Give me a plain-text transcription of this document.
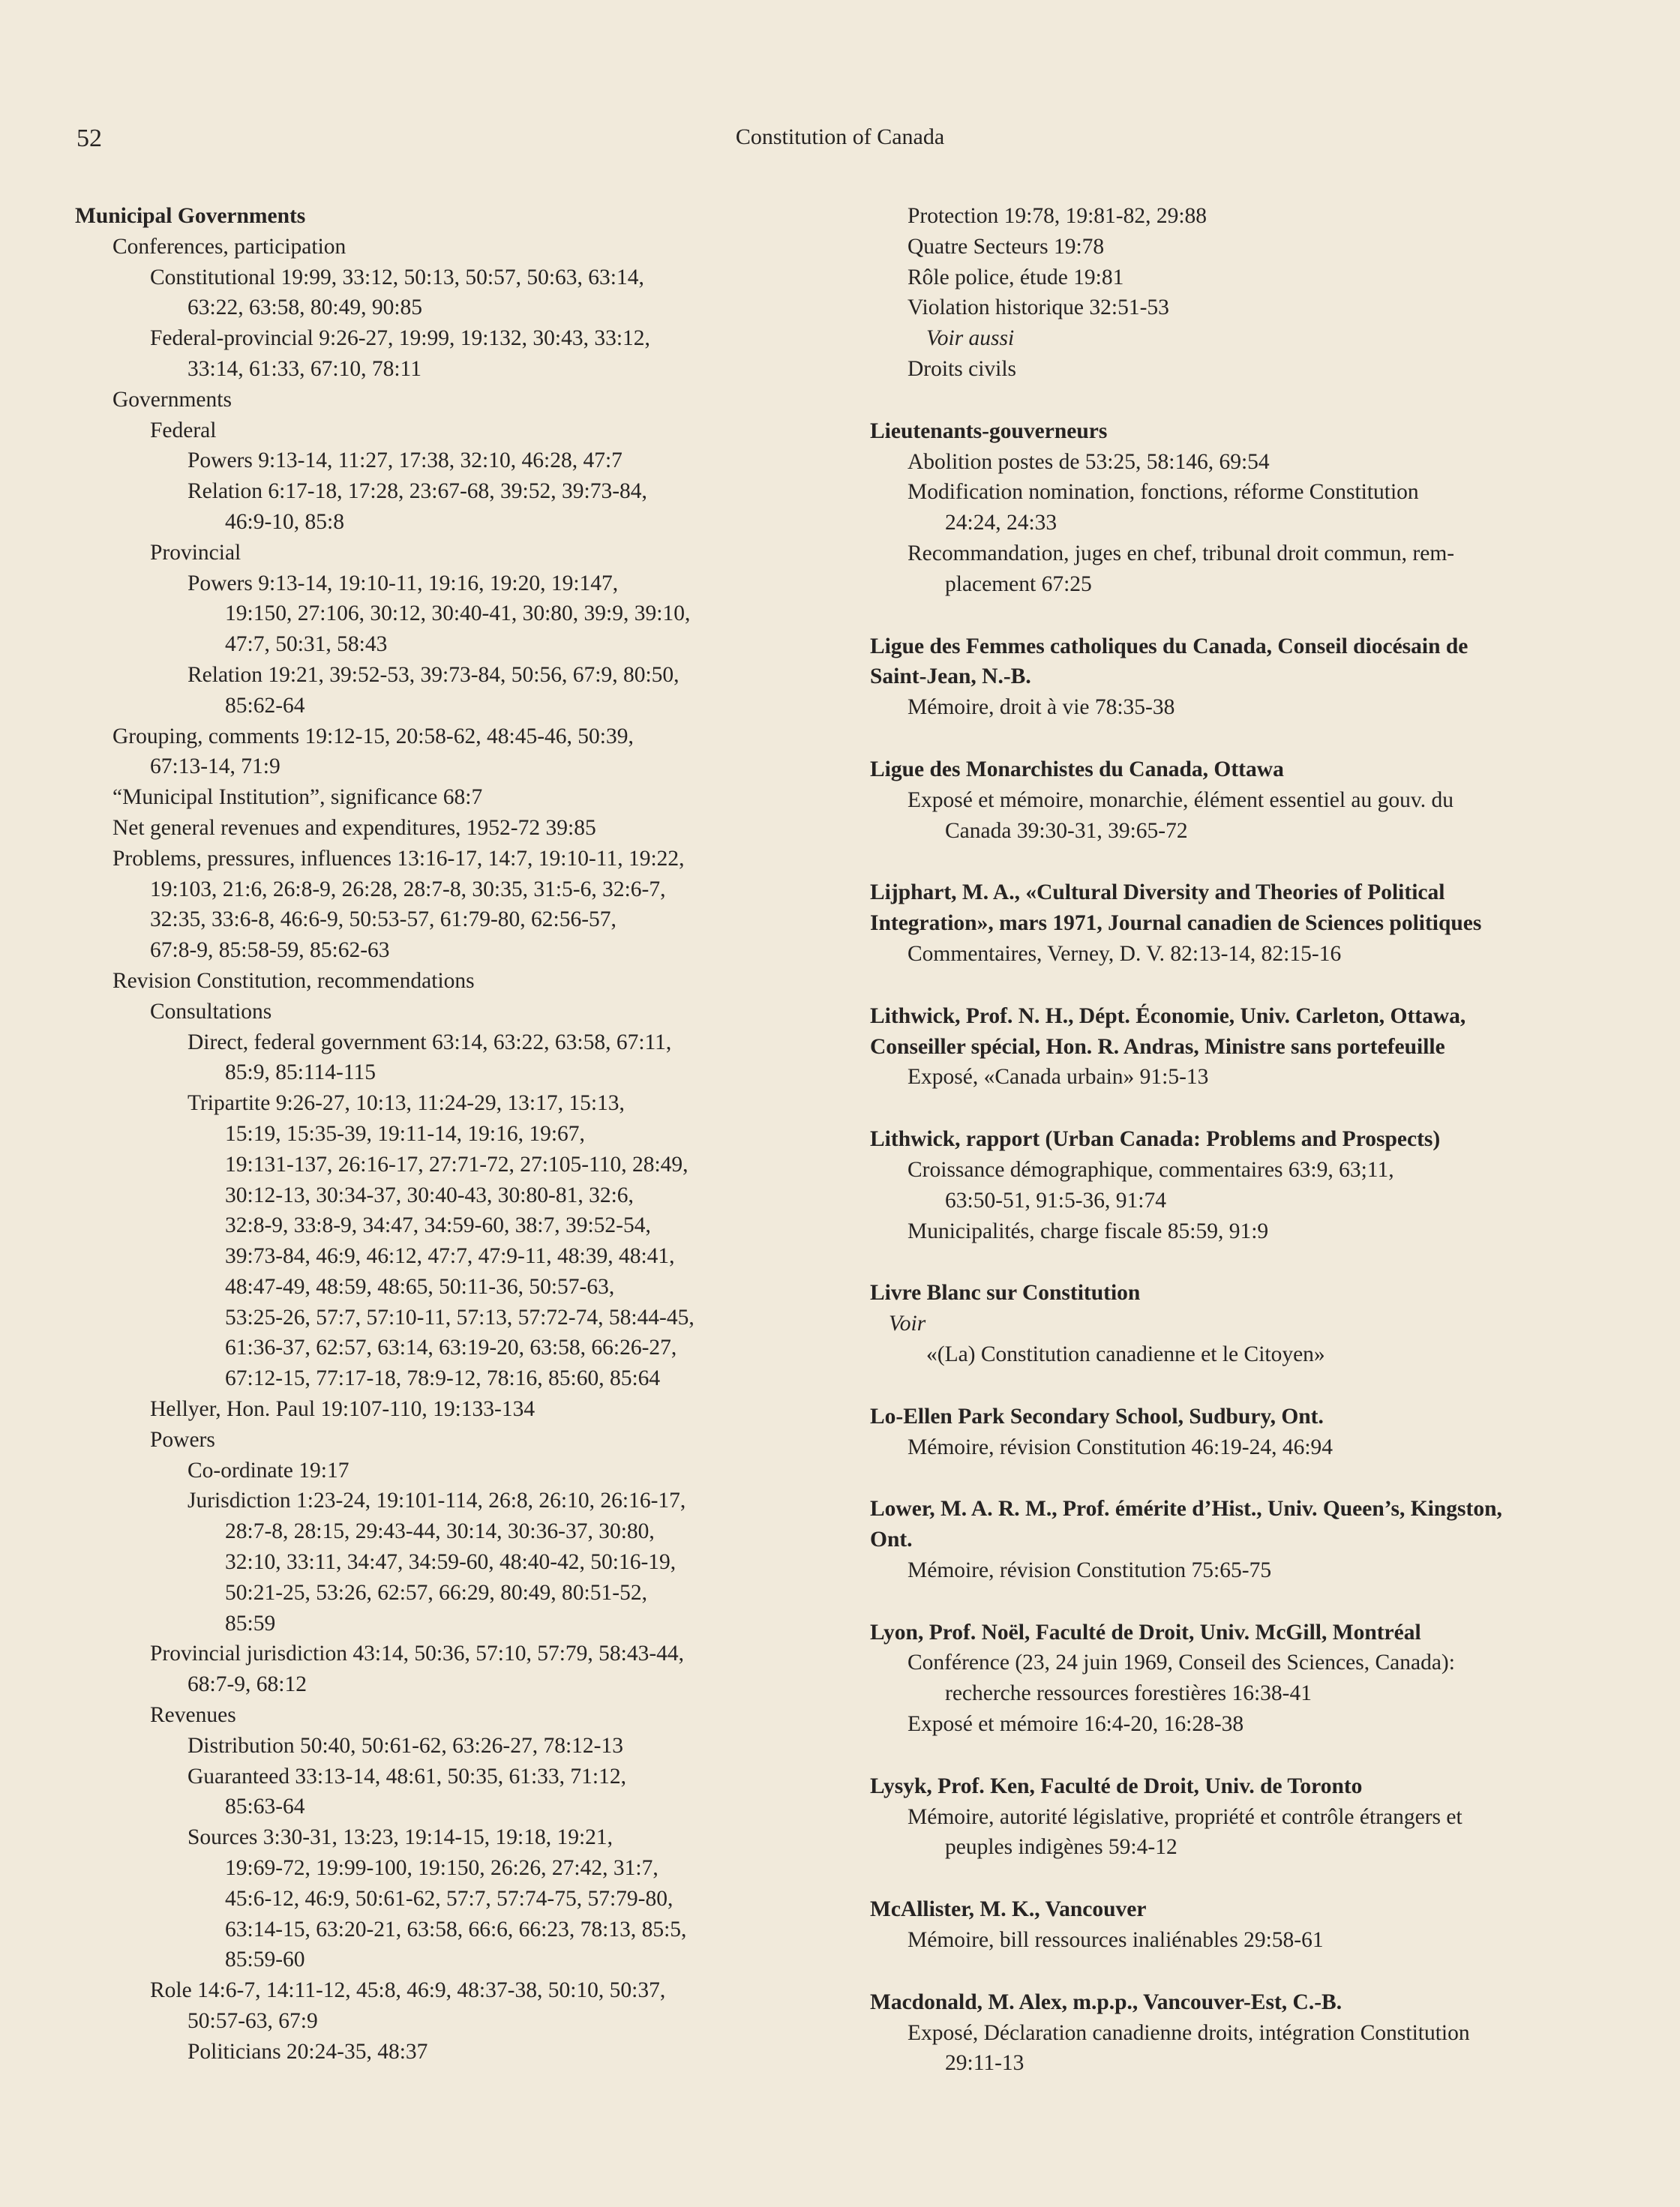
52	Constitution of Canada
Municipal Governments
Conferences, participation
Constitutional 19:99, 33:12, 50:13, 50:57, 50:63, 63:14,
63:22, 63:58, 80:49, 90:85
Federal-provincial 9:26-27, 19:99, 19:132, 30:43, 33:12,
33:14, 61:33, 67:10, 78:11
Governments
Federal
Powers 9:13-14, 11:27, 17:38, 32:10, 46:28, 47:7
Relation 6:17-18, 17:28, 23:67-68, 39:52, 39:73-84,
46:9-10, 85:8
Provincial
Powers 9:13-14, 19:10-11, 19:16, 19:20, 19:147,
19:150, 27:106, 30:12, 30:40-41, 30:80, 39:9, 39:10,
47:7, 50:31, 58:43
Relation 19:21, 39:52-53, 39:73-84, 50:56, 67:9, 80:50,
85:62-64
Grouping, comments 19:12-15, 20:58-62, 48:45-46, 50:39,
67:13-14, 71:9
“Municipal Institution”, significance 68:7
Net general revenues and expenditures, 1952-72 39:85
Problems, pressures, influences 13:16-17, 14:7, 19:10-11, 19:22,
19:103, 21:6, 26:8-9, 26:28, 28:7-8, 30:35, 31:5-6, 32:6-7,
32:35, 33:6-8, 46:6-9, 50:53-57, 61:79-80, 62:56-57,
67:8-9, 85:58-59, 85:62-63
Revision Constitution, recommendations
Consultations
Direct, federal government 63:14, 63:22, 63:58, 67:11,
85:9, 85:114-115
Tripartite 9:26-27, 10:13, 11:24-29, 13:17, 15:13,
15:19, 15:35-39, 19:11-14, 19:16, 19:67,
19:131-137, 26:16-17, 27:71-72, 27:105-110, 28:49,
30:12-13, 30:34-37, 30:40-43, 30:80-81, 32:6,
32:8-9, 33:8-9, 34:47, 34:59-60, 38:7, 39:52-54,
39:73-84, 46:9, 46:12, 47:7, 47:9-11, 48:39, 48:41,
48:47-49, 48:59, 48:65, 50:11-36, 50:57-63,
53:25-26, 57:7, 57:10-11, 57:13, 57:72-74, 58:44-45,
61:36-37, 62:57, 63:14, 63:19-20, 63:58, 66:26-27,
67:12-15, 77:17-18, 78:9-12, 78:16, 85:60, 85:64
Hellyer, Hon. Paul 19:107-110, 19:133-134
Powers
Co-ordinate 19:17
Jurisdiction 1:23-24, 19:101-114, 26:8, 26:10, 26:16-17,
28:7-8, 28:15, 29:43-44, 30:14, 30:36-37, 30:80,
32:10, 33:11, 34:47, 34:59-60, 48:40-42, 50:16-19,
50:21-25, 53:26, 62:57, 66:29, 80:49, 80:51-52,
85:59
Provincial jurisdiction 43:14, 50:36, 57:10, 57:79, 58:43-44,
68:7-9, 68:12
Revenues
Distribution 50:40, 50:61-62, 63:26-27, 78:12-13
Guaranteed 33:13-14, 48:61, 50:35, 61:33, 71:12,
85:63-64
Sources 3:30-31, 13:23, 19:14-15, 19:18, 19:21,
19:69-72, 19:99-100, 19:150, 26:26, 27:42, 31:7,
45:6-12, 46:9, 50:61-62, 57:7, 57:74-75, 57:79-80,
63:14-15, 63:20-21, 63:58, 66:6, 66:23, 78:13, 85:5,
85:59-60
Role 14:6-7, 14:11-12, 45:8, 46:9, 48:37-38, 50:10, 50:37,
50:57-63, 67:9
Politicians 20:24-35, 48:37
Protection 19:78, 19:81-82, 29:88
Quatre Secteurs 19:78
Rôle police, étude 19:81
Violation historique 32:51-53
Voir aussi
Droits civils
Lieutenants-gouverneurs
Abolition postes de 53:25, 58:146, 69:54
Modification nomination, fonctions, réforme Constitution
24:24, 24:33
Recommandation, juges en chef, tribunal droit commun, rem-
placement 67:25
Ligue des Femmes catholiques du Canada, Conseil diocésain de
Saint-Jean, N.-B.
Mémoire, droit à vie 78:35-38
Ligue des Monarchistes du Canada, Ottawa
Exposé et mémoire, monarchie, élément essentiel au gouv. du
Canada 39:30-31, 39:65-72
Lijphart, M. A., «Cultural Diversity and Theories of Political
Integration», mars 1971, Journal canadien de Sciences politiques
Commentaires, Verney, D. V. 82:13-14, 82:15-16
Lithwick, Prof. N. H., Dépt. Économie, Univ. Carleton, Ottawa,
Conseiller spécial, Hon. R. Andras, Ministre sans portefeuille
Exposé, «Canada urbain» 91:5-13
Lithwick, rapport (Urban Canada: Problems and Prospects)
Croissance démographique, commentaires 63:9, 63;11,
63:50-51, 91:5-36, 91:74
Municipalités, charge fiscale 85:59, 91:9
Livre Blanc sur Constitution
Voir
«(La) Constitution canadienne et le Citoyen»
Lo-Ellen Park Secondary School, Sudbury, Ont.
Mémoire, révision Constitution 46:19-24, 46:94
Lower, M. A. R. M., Prof. émérite d’Hist., Univ. Queen’s, Kingston,
Ont.
Mémoire, révision Constitution 75:65-75
Lyon, Prof. Noël, Faculté de Droit, Univ. McGill, Montréal
Conférence (23, 24 juin 1969, Conseil des Sciences, Canada):
recherche ressources forestières 16:38-41
Exposé et mémoire 16:4-20, 16:28-38
Lysyk, Prof. Ken, Faculté de Droit, Univ. de Toronto
Mémoire, autorité législative, propriété et contrôle étrangers et
peuples indigènes 59:4-12
McAllister, M. K., Vancouver
Mémoire, bill ressources inaliénables 29:58-61
Macdonald, M. Alex, m.p.p., Vancouver-Est, C.-B.
Exposé, Déclaration canadienne droits, intégration Constitution
29:11-13
